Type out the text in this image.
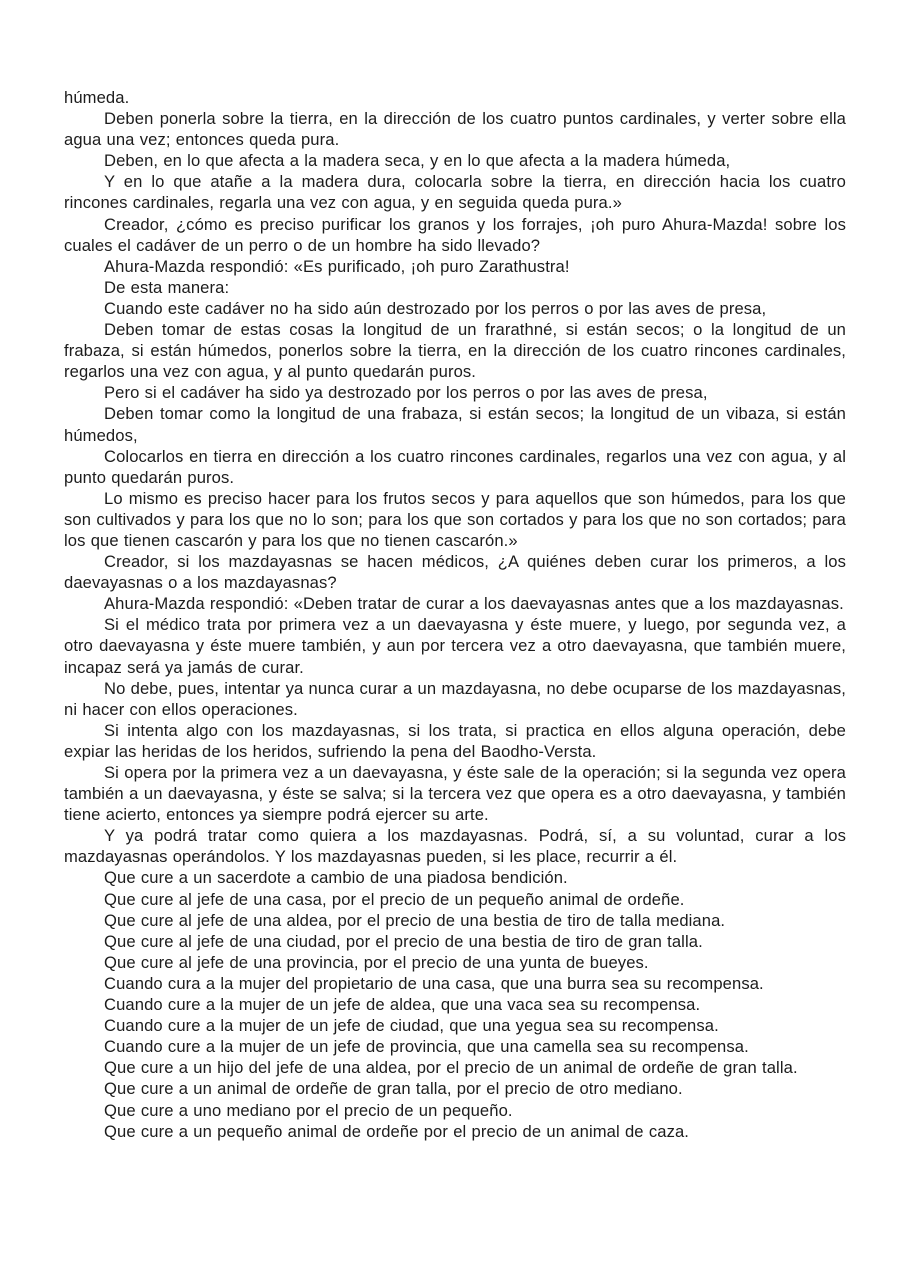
húmeda.

Deben ponerla sobre la tierra, en la dirección de los cuatro puntos cardinales, y verter sobre ella agua una vez; entonces queda pura.

Deben, en lo que afecta a la madera seca, y en lo que afecta a la madera húmeda,

Y en lo que atañe a la madera dura, colocarla sobre la tierra, en dirección hacia los cuatro rincones cardinales, regarla una vez con agua, y en seguida queda pura.»

Creador, ¿cómo es preciso purificar los granos y los forrajes, ¡oh puro Ahura-Mazda! sobre los cuales el cadáver de un perro o de un hombre ha sido llevado?

Ahura-Mazda respondió: «Es purificado, ¡oh puro Zarathustra!

De esta manera:

Cuando este cadáver no ha sido aún destrozado por los perros o por las aves de presa,

Deben tomar de estas cosas la longitud de un frarathné, si están secos; o la longitud de un frabaza, si están húmedos, ponerlos sobre la tierra, en la dirección de los cuatro rincones cardinales, regarlos una vez con agua, y al punto quedarán puros.

Pero si el cadáver ha sido ya destrozado por los perros o por las aves de presa,

Deben tomar como la longitud de una frabaza, si están secos; la longitud de un vibaza, si están húmedos,

Colocarlos en tierra en dirección a los cuatro rincones cardinales, regarlos una vez con agua, y al punto quedarán puros.

Lo mismo es preciso hacer para los frutos secos y para aquellos que son húmedos, para los que son cultivados y para los que no lo son; para los que son cortados y para los que no son cortados; para los que tienen cascarón y para los que no tienen cascarón.»

Creador, si los mazdayasnas se hacen médicos, ¿A quiénes deben curar los primeros, a los daevayasnas o a los mazdayasnas?

Ahura-Mazda respondió: «Deben tratar de curar a los daevayasnas antes que a los mazdayasnas.

Si el médico trata por primera vez a un daevayasna y éste muere, y luego, por segunda vez, a otro daevayasna y éste muere también, y aun por tercera vez a otro daevayasna, que también muere, incapaz será ya jamás de curar.

No debe, pues, intentar ya nunca curar a un mazdayasna, no debe ocuparse de los mazdayasnas, ni hacer con ellos operaciones.

Si intenta algo con los mazdayasnas, si los trata, si practica en ellos alguna operación, debe expiar las heridas de los heridos, sufriendo la pena del Baodho-Versta.

Si opera por la primera vez a un daevayasna, y éste sale de la operación; si la segunda vez opera también a un daevayasna, y éste se salva; si la tercera vez que opera es a otro daevayasna, y también tiene acierto, entonces ya siempre podrá ejercer su arte.

Y ya podrá tratar como quiera a los mazdayasnas. Podrá, sí, a su voluntad, curar a los mazdayasnas operándolos. Y los mazdayasnas pueden, si les place, recurrir a él.

Que cure a un sacerdote a cambio de una piadosa bendición.

Que cure al jefe de una casa, por el precio de un pequeño animal de ordeñe.

Que cure al jefe de una aldea, por el precio de una bestia de tiro de talla mediana.

Que cure al jefe de una ciudad, por el precio de una bestia de tiro de gran talla.

Que cure al jefe de una provincia, por el precio de una yunta de bueyes.

Cuando cura a la mujer del propietario de una casa, que una burra sea su recompensa.

Cuando cure a la mujer de un jefe de aldea, que una vaca sea su recompensa.

Cuando cure a la mujer de un jefe de ciudad, que una yegua sea su recompensa.

Cuando cure a la mujer de un jefe de provincia, que una camella sea su recompensa.

Que cure a un hijo del jefe de una aldea, por el precio de un animal de ordeñe de gran talla.

Que cure a un animal de ordeñe de gran talla, por el precio de otro mediano.

Que cure a uno mediano por el precio de un pequeño.

Que cure a un pequeño animal de ordeñe por el precio de un animal de caza.
